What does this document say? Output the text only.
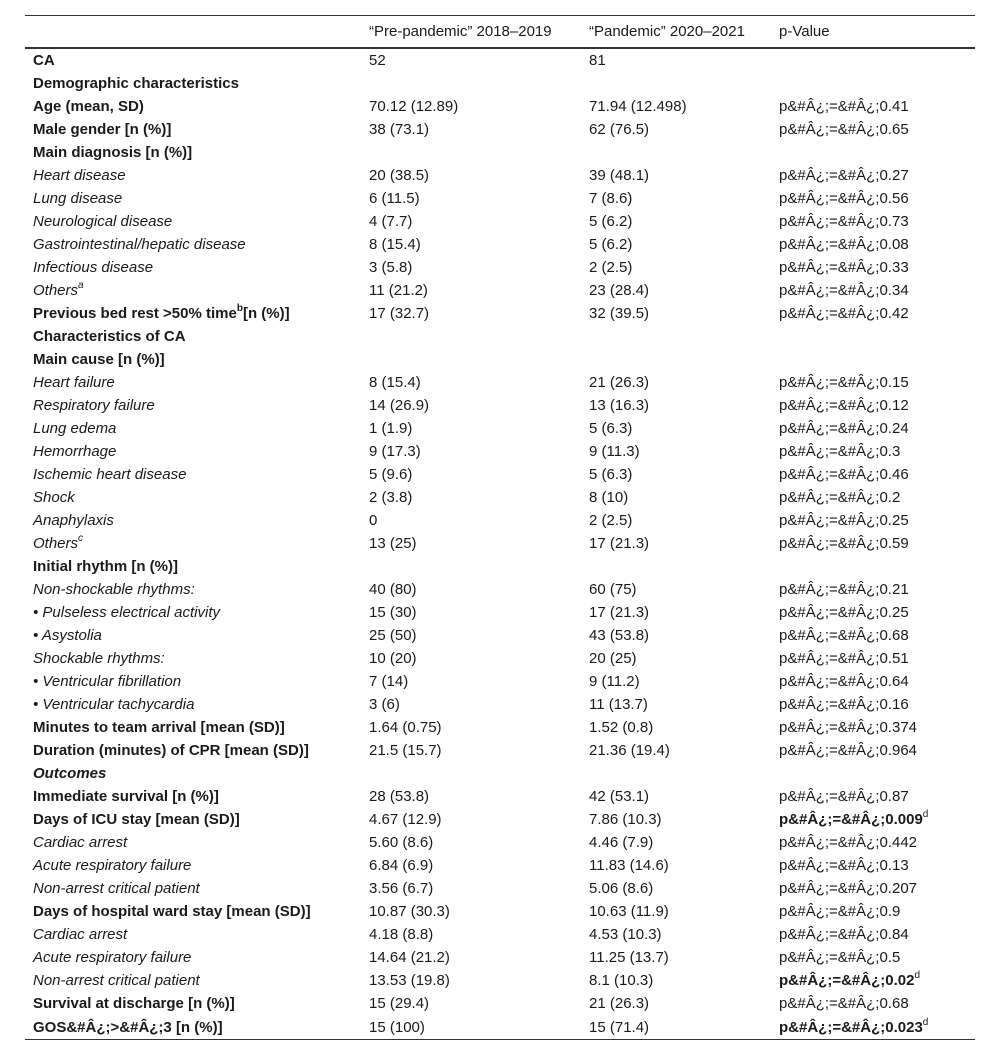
	“Pre-pandemic” 2018–2019	“Pandemic” 2020–2021	p-Value
CA	52	81	
Demographic characteristics			
Age (mean, SD)	70.12 (12.89)	71.94 (12.498)	p&#Â¿;=&#Â¿;0.41
Male gender [n (%)]	38 (73.1)	62 (76.5)	p&#Â¿;=&#Â¿;0.65
Main diagnosis [n (%)]			
Heart disease	20 (38.5)	39 (48.1)	p&#Â¿;=&#Â¿;0.27
Lung disease	6 (11.5)	7 (8.6)	p&#Â¿;=&#Â¿;0.56
Neurological disease	4 (7.7)	5 (6.2)	p&#Â¿;=&#Â¿;0.73
Gastrointestinal/hepatic disease	8 (15.4)	5 (6.2)	p&#Â¿;=&#Â¿;0.08
Infectious disease	3 (5.8)	2 (2.5)	p&#Â¿;=&#Â¿;0.33
Others$^a$	11 (21.2)	23 (28.4)	p&#Â¿;=&#Â¿;0.34
Previous bed rest >50% time$^b$[n (%)]	17 (32.7)	32 (39.5)	p&#Â¿;=&#Â¿;0.42
Characteristics of CA			
Main cause [n (%)]			
Heart failure	8 (15.4)	21 (26.3)	p&#Â¿;=&#Â¿;0.15
Respiratory failure	14 (26.9)	13 (16.3)	p&#Â¿;=&#Â¿;0.12
Lung edema	1 (1.9)	5 (6.3)	p&#Â¿;=&#Â¿;0.24
Hemorrhage	9 (17.3)	9 (11.3)	p&#Â¿;=&#Â¿;0.3
Ischemic heart disease	5 (9.6)	5 (6.3)	p&#Â¿;=&#Â¿;0.46
Shock	2 (3.8)	8 (10)	p&#Â¿;=&#Â¿;0.2
Anaphylaxis	0	2 (2.5)	p&#Â¿;=&#Â¿;0.25
Others$^c$	13 (25)	17 (21.3)	p&#Â¿;=&#Â¿;0.59
Initial rhythm [n (%)]			
Non-shockable rhythms:	40 (80)	60 (75)	p&#Â¿;=&#Â¿;0.21
• Pulseless electrical activity	15 (30)	17 (21.3)	p&#Â¿;=&#Â¿;0.25
• Asystolia	25 (50)	43 (53.8)	p&#Â¿;=&#Â¿;0.68
Shockable rhythms:	10 (20)	20 (25)	p&#Â¿;=&#Â¿;0.51
• Ventricular fibrillation	7 (14)	9 (11.2)	p&#Â¿;=&#Â¿;0.64
• Ventricular tachycardia	3 (6)	11 (13.7)	p&#Â¿;=&#Â¿;0.16
Minutes to team arrival [mean (SD)]	1.64 (0.75)	1.52 (0.8)	p&#Â¿;=&#Â¿;0.374
Duration (minutes) of CPR [mean (SD)]	21.5 (15.7)	21.36 (19.4)	p&#Â¿;=&#Â¿;0.964
Outcomes			
Immediate survival [n (%)]	28 (53.8)	42 (53.1)	p&#Â¿;=&#Â¿;0.87
Days of ICU stay [mean (SD)]	4.67 (12.9)	7.86 (10.3)	p&#Â¿;=&#Â¿;0.009$^d$
Cardiac arrest	5.60 (8.6)	4.46 (7.9)	p&#Â¿;=&#Â¿;0.442
Acute respiratory failure	6.84 (6.9)	11.83 (14.6)	p&#Â¿;=&#Â¿;0.13
Non-arrest critical patient	3.56 (6.7)	5.06 (8.6)	p&#Â¿;=&#Â¿;0.207
Days of hospital ward stay [mean (SD)]	10.87 (30.3)	10.63 (11.9)	p&#Â¿;=&#Â¿;0.9
Cardiac arrest	4.18 (8.8)	4.53 (10.3)	p&#Â¿;=&#Â¿;0.84
Acute respiratory failure	14.64 (21.2)	11.25 (13.7)	p&#Â¿;=&#Â¿;0.5
Non-arrest critical patient	13.53 (19.8)	8.1 (10.3)	p&#Â¿;=&#Â¿;0.02$^d$
Survival at discharge [n (%)]	15 (29.4)	21 (26.3)	p&#Â¿;=&#Â¿;0.68
GOS&#Â¿;>&#Â¿;3 [n (%)]	15 (100)	15 (71.4)	p&#Â¿;=&#Â¿;0.023$^d$
